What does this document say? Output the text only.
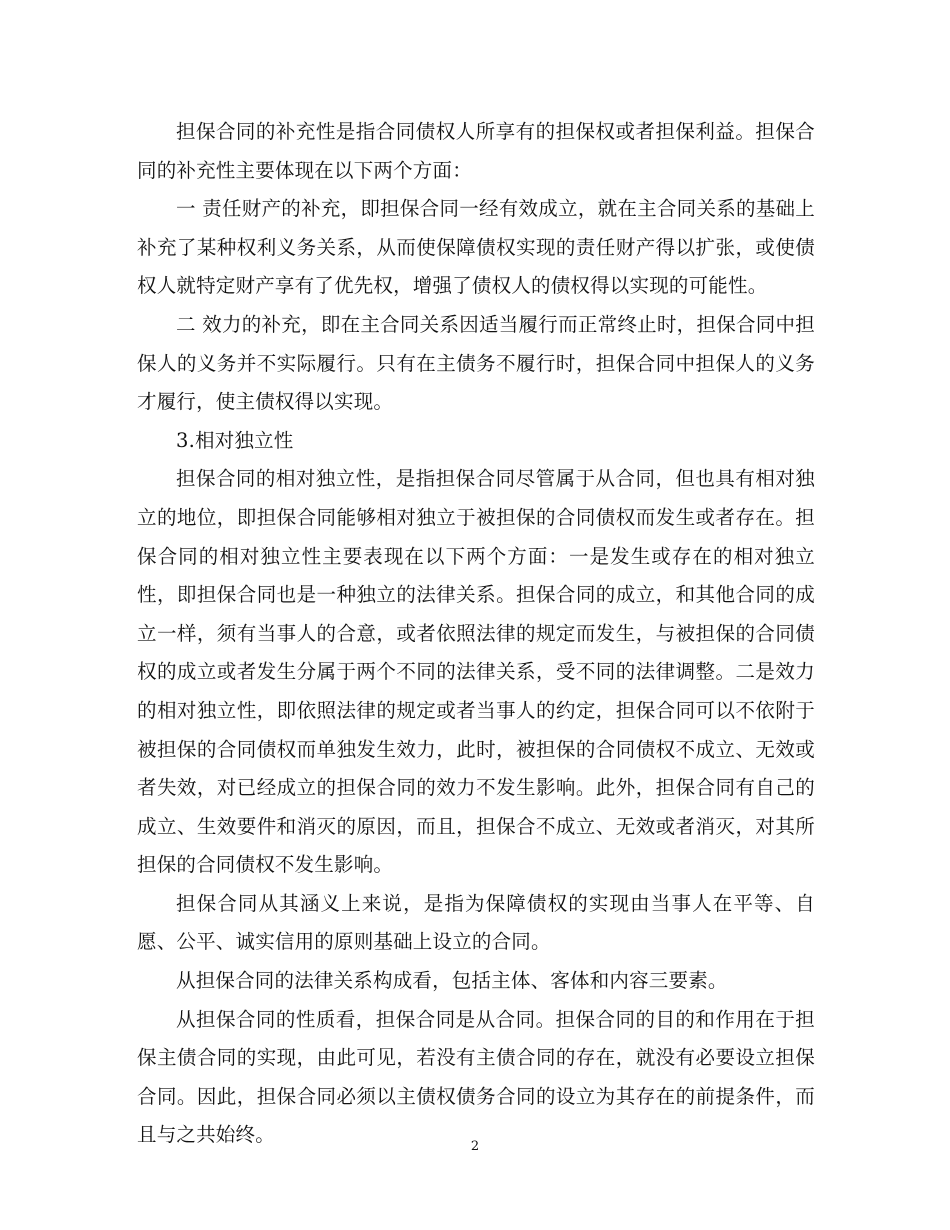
担保合同的补充性是指合同债权人所享有的担保权或者担保利益。担保合同的补充性主要体现在以下两个方面：

一 责任财产的补充，即担保合同一经有效成立，就在主合同关系的基础上补充了某种权利义务关系，从而使保障债权实现的责任财产得以扩张，或使债权人就特定财产享有了优先权，增强了债权人的债权得以实现的可能性。

二 效力的补充，即在主合同关系因适当履行而正常终止时，担保合同中担保人的义务并不实际履行。只有在主债务不履行时，担保合同中担保人的义务才履行，使主债权得以实现。

3.相对独立性

担保合同的相对独立性，是指担保合同尽管属于从合同，但也具有相对独立的地位，即担保合同能够相对独立于被担保的合同债权而发生或者存在。担保合同的相对独立性主要表现在以下两个方面：一是发生或存在的相对独立性，即担保合同也是一种独立的法律关系。担保合同的成立，和其他合同的成立一样，须有当事人的合意，或者依照法律的规定而发生，与被担保的合同债权的成立或者发生分属于两个不同的法律关系，受不同的法律调整。二是效力的相对独立性，即依照法律的规定或者当事人的约定，担保合同可以不依附于被担保的合同债权而单独发生效力，此时，被担保的合同债权不成立、无效或者失效，对已经成立的担保合同的效力不发生影响。此外，担保合同有自己的成立、生效要件和消灭的原因，而且，担保合不成立、无效或者消灭，对其所担保的合同债权不发生影响。

担保合同从其涵义上来说，是指为保障债权的实现由当事人在平等、自愿、公平、诚实信用的原则基础上设立的合同。

从担保合同的法律关系构成看，包括主体、客体和内容三要素。

从担保合同的性质看，担保合同是从合同。担保合同的目的和作用在于担保主债合同的实现，由此可见，若没有主债合同的存在，就没有必要设立担保合同。因此，担保合同必须以主债权债务合同的设立为其存在的前提条件，而且与之共始终。

2
